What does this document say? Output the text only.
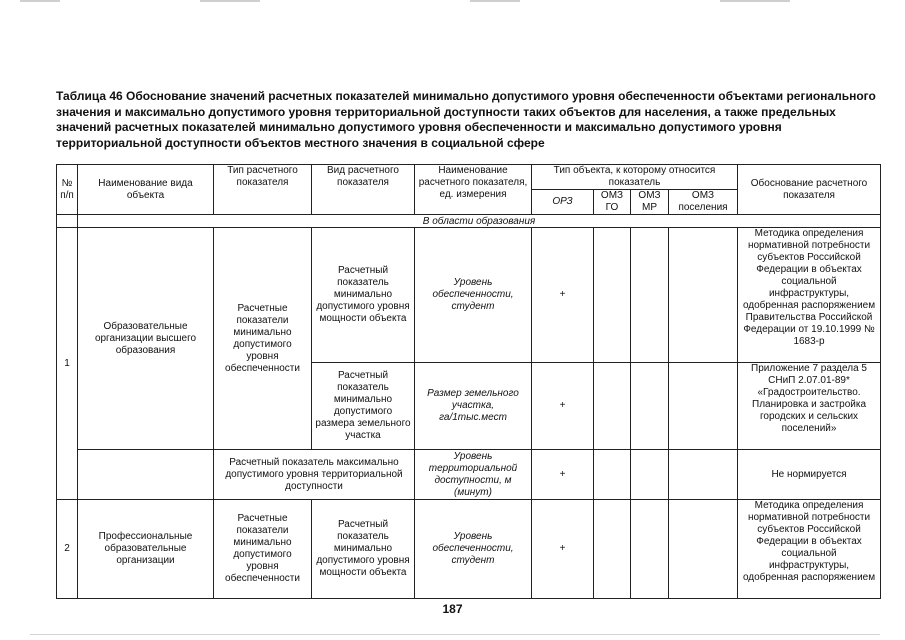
Таблица 46 Обоснование значений расчетных показателей минимально допустимого уровня обеспеченности объектами регионального значения и максимально допустимого уровня территориальной доступности таких объектов для населения, а также предельных значений расчетных показателей минимально допустимого уровня обеспеченности и максимально допустимого уровня территориальной доступности объектов местного значения в социальной сфере

№ п/п	Наименование вида объекта	Тип расчетного показателя	Вид расчетного показателя	Наименование расчетного показателя, ед. измерения	Тип объекта, к которому относится показатель				Обоснование расчетного показателя
					ОРЗ	ОМЗ ГО	ОМЗ МР	ОМЗ поселения	
	В области образования								
1	Образовательные организации высшего образования	Расчетные показатели минимально допустимого уровня обеспеченности	Расчетный показатель минимально допустимого уровня мощности объекта	Уровень обеспеченности, студент	+				Методика определения нормативной потребности субъектов Российской Федерации в объектах социальной инфраструктуры, одобренная распоряжением Правительства Российской Федерации от 19.10.1999 № 1683-р
			Расчетный показатель минимально допустимого размера земельного участка	Размер земельного участка, га/1тыс.мест	+				Приложение 7 раздела 5 СНиП 2.07.01-89* «Градостроительство. Планировка и застройка городских и сельских поселений»
		Расчетный показатель максимально допустимого уровня территориальной доступности		Уровень территориальной доступности, м (минут)	+				Не нормируется
2	Профессиональные образовательные организации	Расчетные показатели минимально допустимого уровня обеспеченности	Расчетный показатель минимально допустимого уровня мощности объекта	Уровень обеспеченности, студент	+				Методика определения нормативной потребности субъектов Российской Федерации в объектах социальной инфраструктуры, одобренная распоряжением
187
